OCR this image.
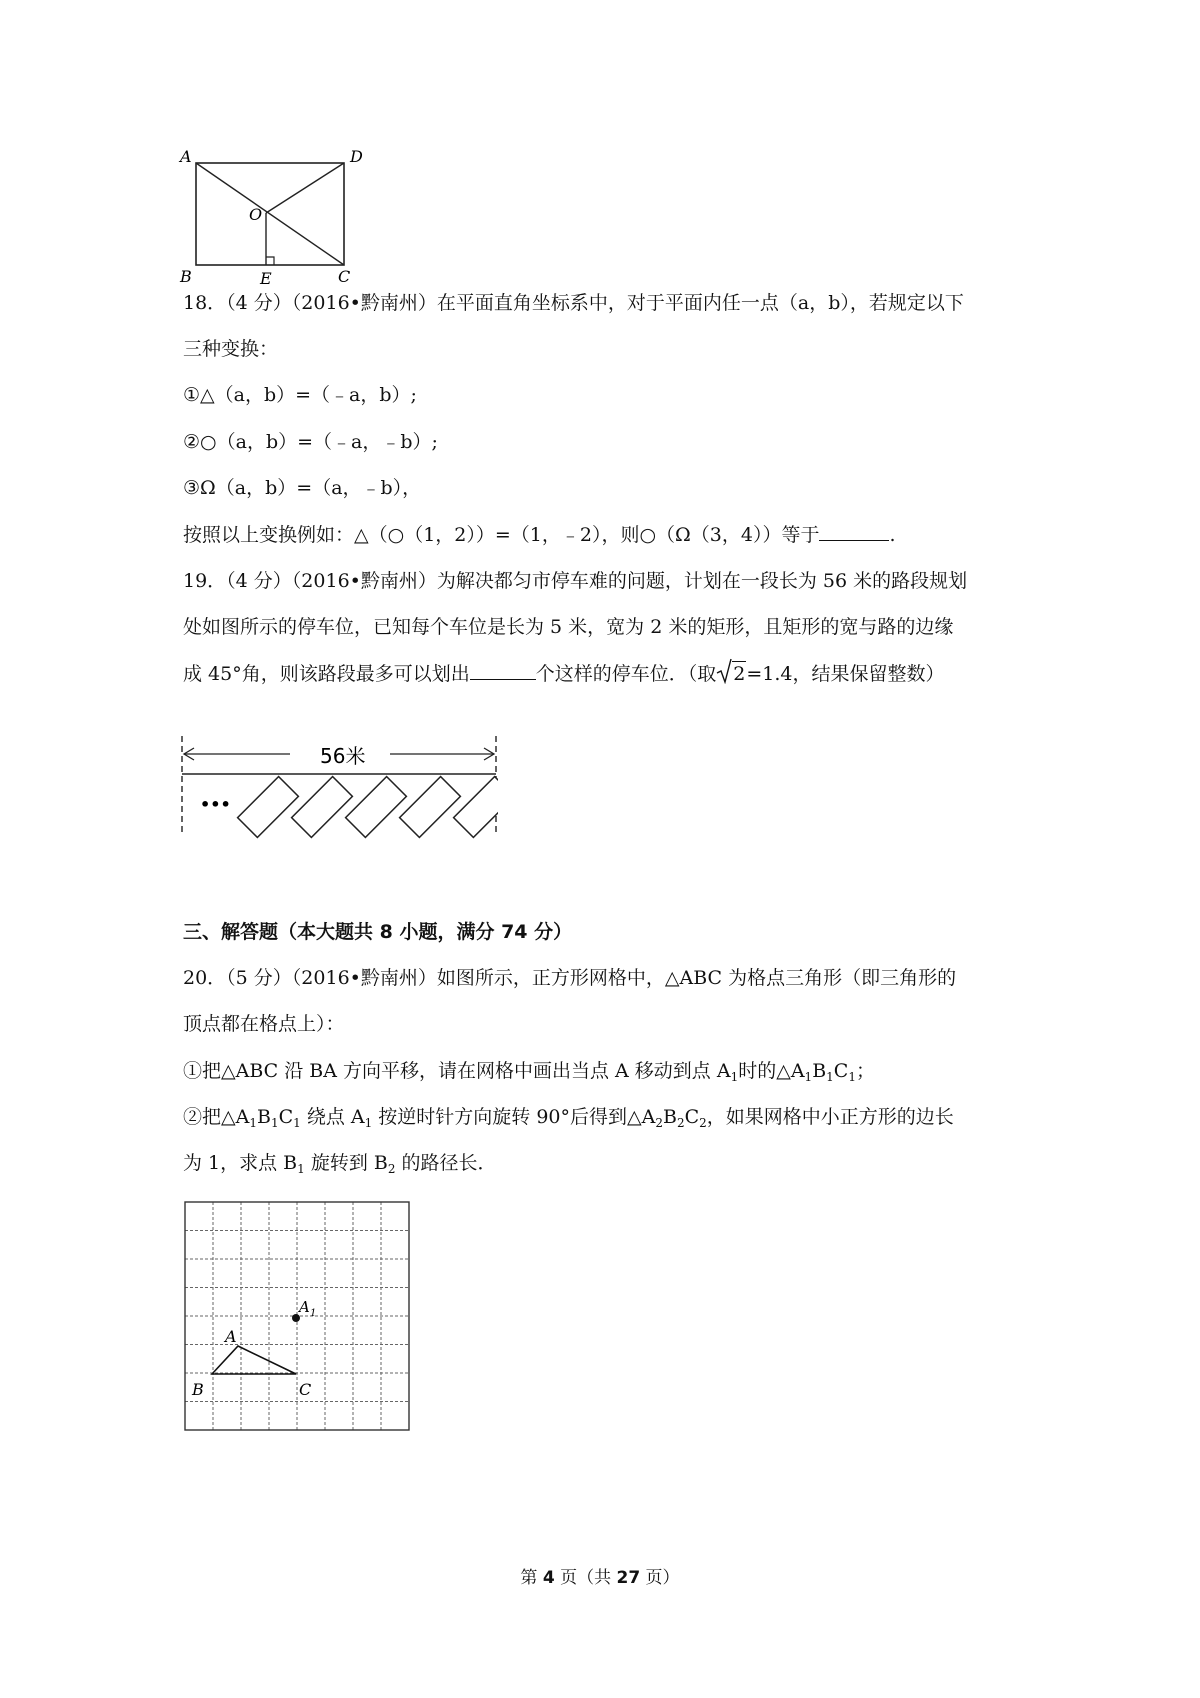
A	D
O
B	E	C
18．（4 分）（2016•黔南州）在平面直角坐标系中，对于平面内任一点（a，b），若规定以下
三种变换：
①△（a，b）=（﹣a，b）;
②○（a，b）=（﹣a，﹣b）;
③Ω（a，b）=（a，﹣b），
按照以上变换例如：△（○（1，2））=（1，﹣2），则○（Ω（3，4））等于	.
19．（4 分）（2016•黔南州）为解决都匀市停车难的问题，计划在一段长为 56 米的路段规划
处如图所示的停车位，已知每个车位是长为 5 米，宽为 2 米的矩形，且矩形的宽与路的边缘
成 45°角，则该路段最多可以划出	个这样的停车位．（取 2=1.4，结果保留整数）
56米
•••
三、解答题（本大题共 8 小题，满分 74 分）
20．（5 分）（2016•黔南州）如图所示，正方形网格中，△ABC 为格点三角形（即三角形的
顶点都在格点上）：
①把△ABC 沿 BA 方向平移，请在网格中画出当点 A 移动到点 $A_1$时的$\triangle A_1B_1C_1$；
②把$\triangle A_1B_1C_1$ 绕点 $A_1$ 按逆时针方向旋转 90°后得到$\triangle A_2B_2C_2$，如果网格中小正方形的边长
为 1，求点 $B_1$ 旋转到 $B_2$ 的路径长．
A
A 1
B	C
第 4 页（共 27 页）
